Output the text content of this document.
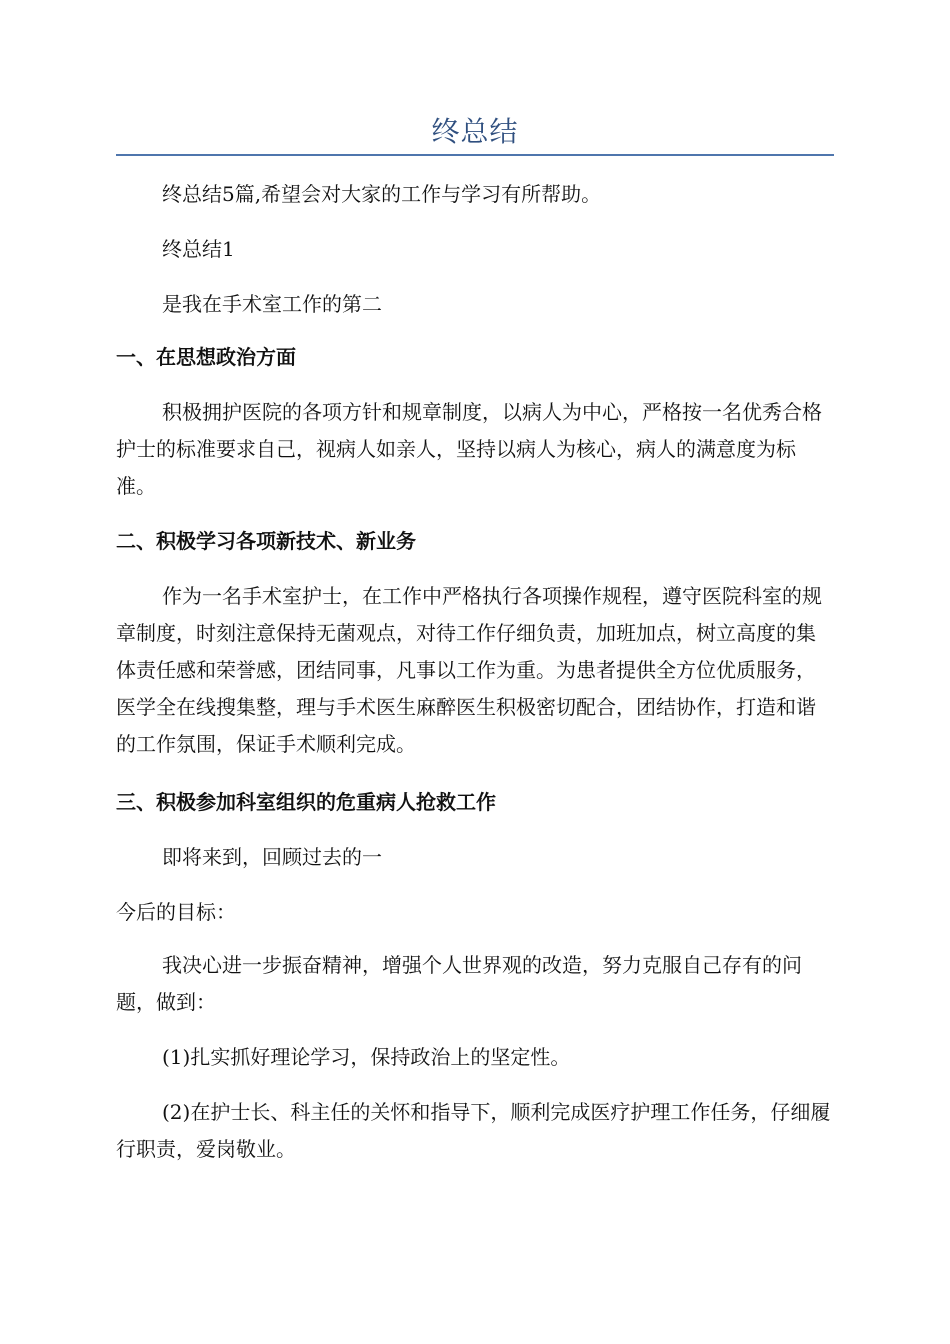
终总结

终总结5篇,希望会对大家的工作与学习有所帮助。

终总结1

是我在手术室工作的第二

一、在思想政治方面

积极拥护医院的各项方针和规章制度，以病人为中心，严格按一名优秀合格护士的标准要求自己，视病人如亲人，坚持以病人为核心，病人的满意度为标准。

二、积极学习各项新技术、新业务

作为一名手术室护士，在工作中严格执行各项操作规程，遵守医院科室的规章制度，时刻注意保持无菌观点，对待工作仔细负责，加班加点，树立高度的集体责任感和荣誉感，团结同事，凡事以工作为重。为患者提供全方位优质服务，医学全在线搜集整，理与手术医生麻醉医生积极密切配合，团结协作，打造和谐的工作氛围，保证手术顺利完成。

三、积极参加科室组织的危重病人抢救工作

即将来到，回顾过去的一

今后的目标：

我决心进一步振奋精神，增强个人世界观的改造，努力克服自己存有的问题，做到：

(1)扎实抓好理论学习，保持政治上的坚定性。

(2)在护士长、科主任的关怀和指导下，顺利完成医疗护理工作任务，仔细履行职责，爱岗敬业。
